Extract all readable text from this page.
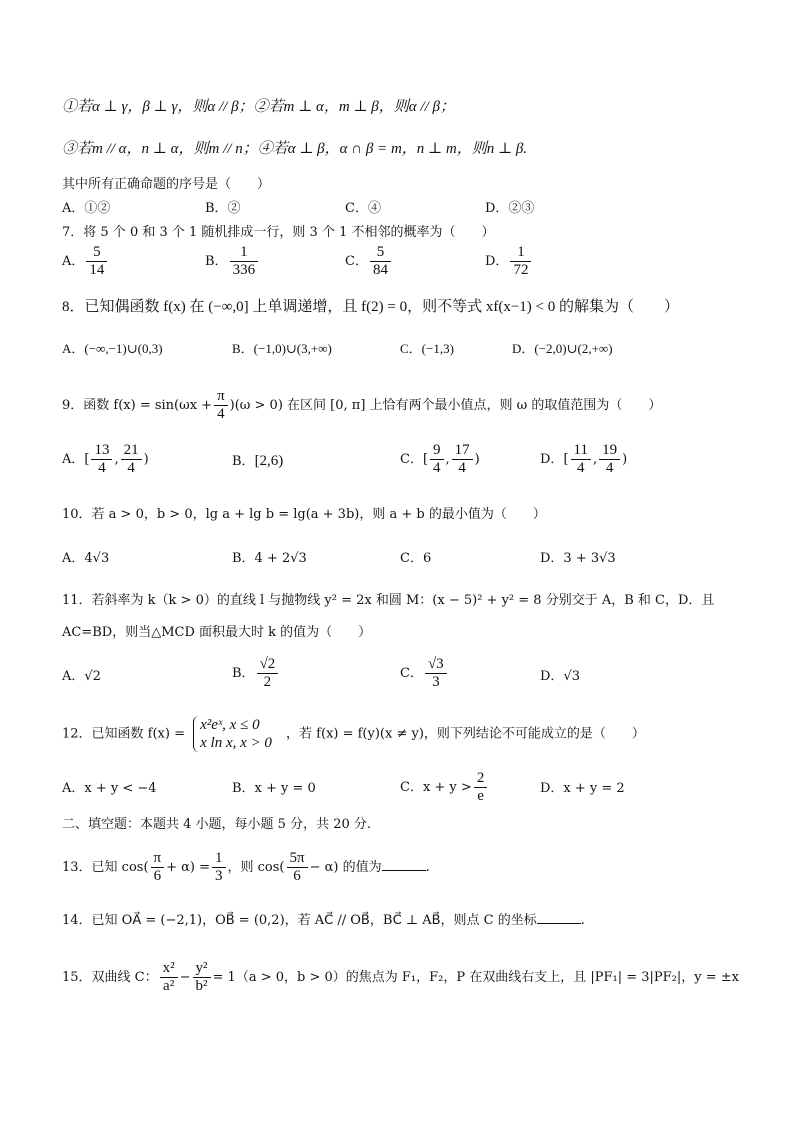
①若α ⊥ γ，β ⊥ γ，则α // β；②若m ⊥ α，m ⊥ β，则α // β；
③若m // α，n ⊥ α，则m // n；④若α ⊥ β，α ∩ β = m，n ⊥ m，则n ⊥ β.
其中所有正确命题的序号是（　　）
A．①②	B．②	C．④	D．②③
7．将 5 个 0 和 3 个 1 随机排成一行，则 3 个 1 不相邻的概率为（　　）
A． $\frac{5}{14}$	B． $\frac{1}{336}$	C． $\frac{5}{84}$	D． $\frac{1}{72}$
8．已知偶函数 f(x) 在 (−∞,0] 上单调递增，且 f(2) = 0，则不等式 xf(x−1) < 0 的解集为（　　）
A．(−∞,−1)∪(0,3)	B．(−1,0)∪(3,+∞)	C．(−1,3)	D．(−2,0)∪(2,+∞)
9．函数 $f(x) = \sin(\omega x + \frac{\pi}{4} )(\omega > 0)$ 在区间 [0, π] 上恰有两个最小值点，则 ω 的取值范围为（　　）
A．[ $\frac{13}{4}$ , $\frac{21}{4}$ )	B．[2,6)	C．[ $\frac{9}{4}$ , $\frac{17}{4}$ )	D．[ $\frac{11}{4}$ , $\frac{19}{4}$ )
10．若 a > 0，b > 0，lg a + lg b = lg(a + 3b)，则 a + b 的最小值为（　　）
A．4√3	B．4 + 2√3	C．6	D．3 + 3√3
11．若斜率为 k（k > 0）的直线 l 与抛物线 y² = 2x 和圆 M：(x − 5)² + y² = 8 分别交于 A，B 和 C，D．且
AC=BD，则当△MCD 面积最大时 k 的值为（　　）
A．√2	B． $\frac{√2}{2}$	C． $\frac{√3}{3}$	D．√3
12．已知函数 f(x) =
x²eˣ, x ≤ 0
x ln x, x > 0
，若 f(x) = f(y)(x ≠ y)，则下列结论不可能成立的是（　　）
A．x + y < −4	B．x + y = 0	C．$x + y > \frac{2}{e}$	D．x + y = 2
二、填空题：本题共 4 小题，每小题 5 分，共 20 分.
13．已知 $\cos( \frac{\pi}{6} + \alpha) = \frac{1}{3}$ ，则 $\cos( \frac{5\pi}{6} - \alpha)$ 的值为	.
14．已知 OA⃗ = (−2,1)，OB⃗ = (0,2)，若 AC⃗ // OB⃗，BC⃗ ⊥ AB⃗，则点 C 的坐标	.
15．双曲线 C： $\frac{\text{x²}}{\text{a²}} - \frac{\text{y²}}{\text{b²}} = 1(a > 0$，b > 0）的焦点为 F₁，F₂，P 在双曲线右支上，且 |PF₁| = 3|PF₂|，y = ±x
